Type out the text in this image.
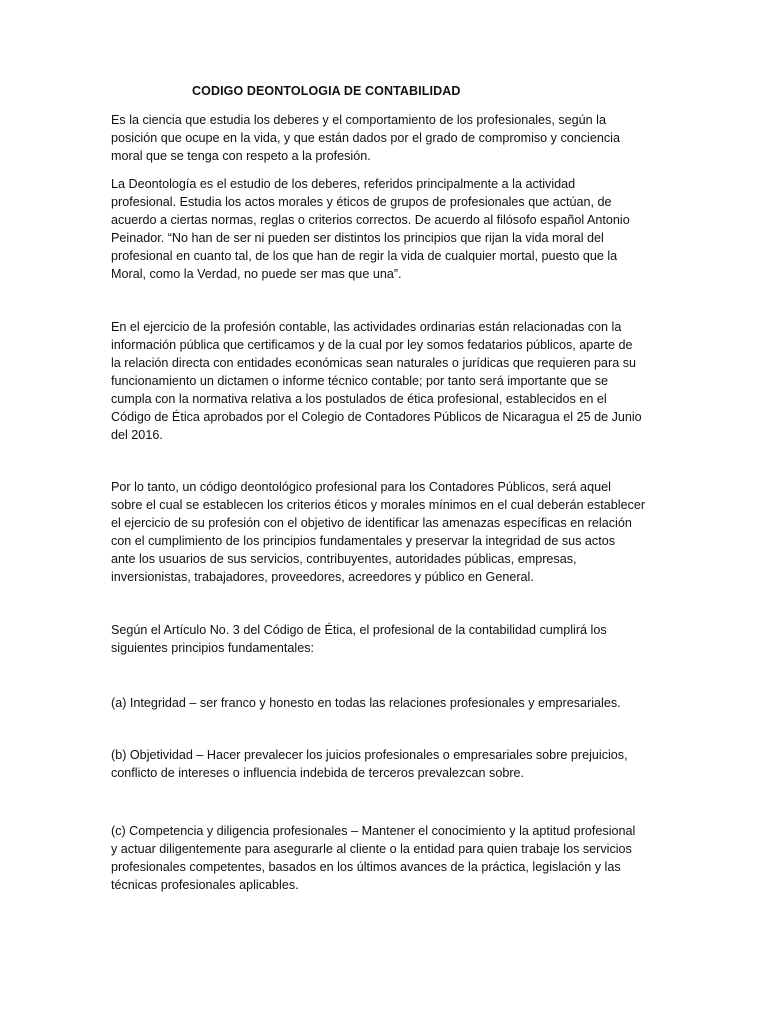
CODIGO DEONTOLOGIA DE CONTABILIDAD

Es la ciencia que estudia los deberes y el comportamiento de los profesionales, según la
posición que ocupe en la vida, y que están dados por el grado de compromiso y conciencia
moral que se tenga con respeto a la profesión.

La Deontología es el estudio de los deberes, referidos principalmente a la actividad
profesional. Estudia los actos morales y éticos de grupos de profesionales que actúan, de
acuerdo a ciertas normas, reglas o criterios correctos. De acuerdo al filósofo español Antonio
Peinador. “No han de ser ni pueden ser distintos los principios que rijan la vida moral del
profesional en cuanto tal, de los que han de regir la vida de cualquier mortal, puesto que la
Moral, como la Verdad, no puede ser mas que una”.

En el ejercicio de la profesión contable, las actividades ordinarias están relacionadas con la
información pública que certificamos y de la cual por ley somos fedatarios públicos, aparte de
la relación directa con entidades económicas sean naturales o jurídicas que requieren para su
funcionamiento un dictamen o informe técnico contable; por tanto será importante que se
cumpla con la normativa relativa a los postulados de ética profesional, establecidos en el
Código de Ética aprobados por el Colegio de Contadores Públicos de Nicaragua el 25 de Junio
del 2016.

Por lo tanto, un código deontológico profesional para los Contadores Públicos, será aquel
sobre el cual se establecen los criterios éticos y morales mínimos en el cual deberán establecer
el ejercicio de su profesión con el objetivo de identificar las amenazas específicas en relación
con el cumplimiento de los principios fundamentales y preservar la integridad de sus actos
ante los usuarios de sus servicios, contribuyentes, autoridades públicas, empresas,
inversionistas, trabajadores, proveedores, acreedores y público en General.

Según el Artículo No. 3 del Código de Ética, el profesional de la contabilidad cumplirá los
siguientes principios fundamentales:

(a) Integridad – ser franco y honesto en todas las relaciones profesionales y empresariales.

(b) Objetividad – Hacer prevalecer los juicios profesionales o empresariales sobre prejuicios,
conflicto de intereses o influencia indebida de terceros prevalezcan sobre.

(c) Competencia y diligencia profesionales – Mantener el conocimiento y la aptitud profesional
y actuar diligentemente para asegurarle al cliente o la entidad para quien trabaje los servicios
profesionales competentes, basados en los últimos avances de la práctica, legislación y las
técnicas profesionales aplicables.
